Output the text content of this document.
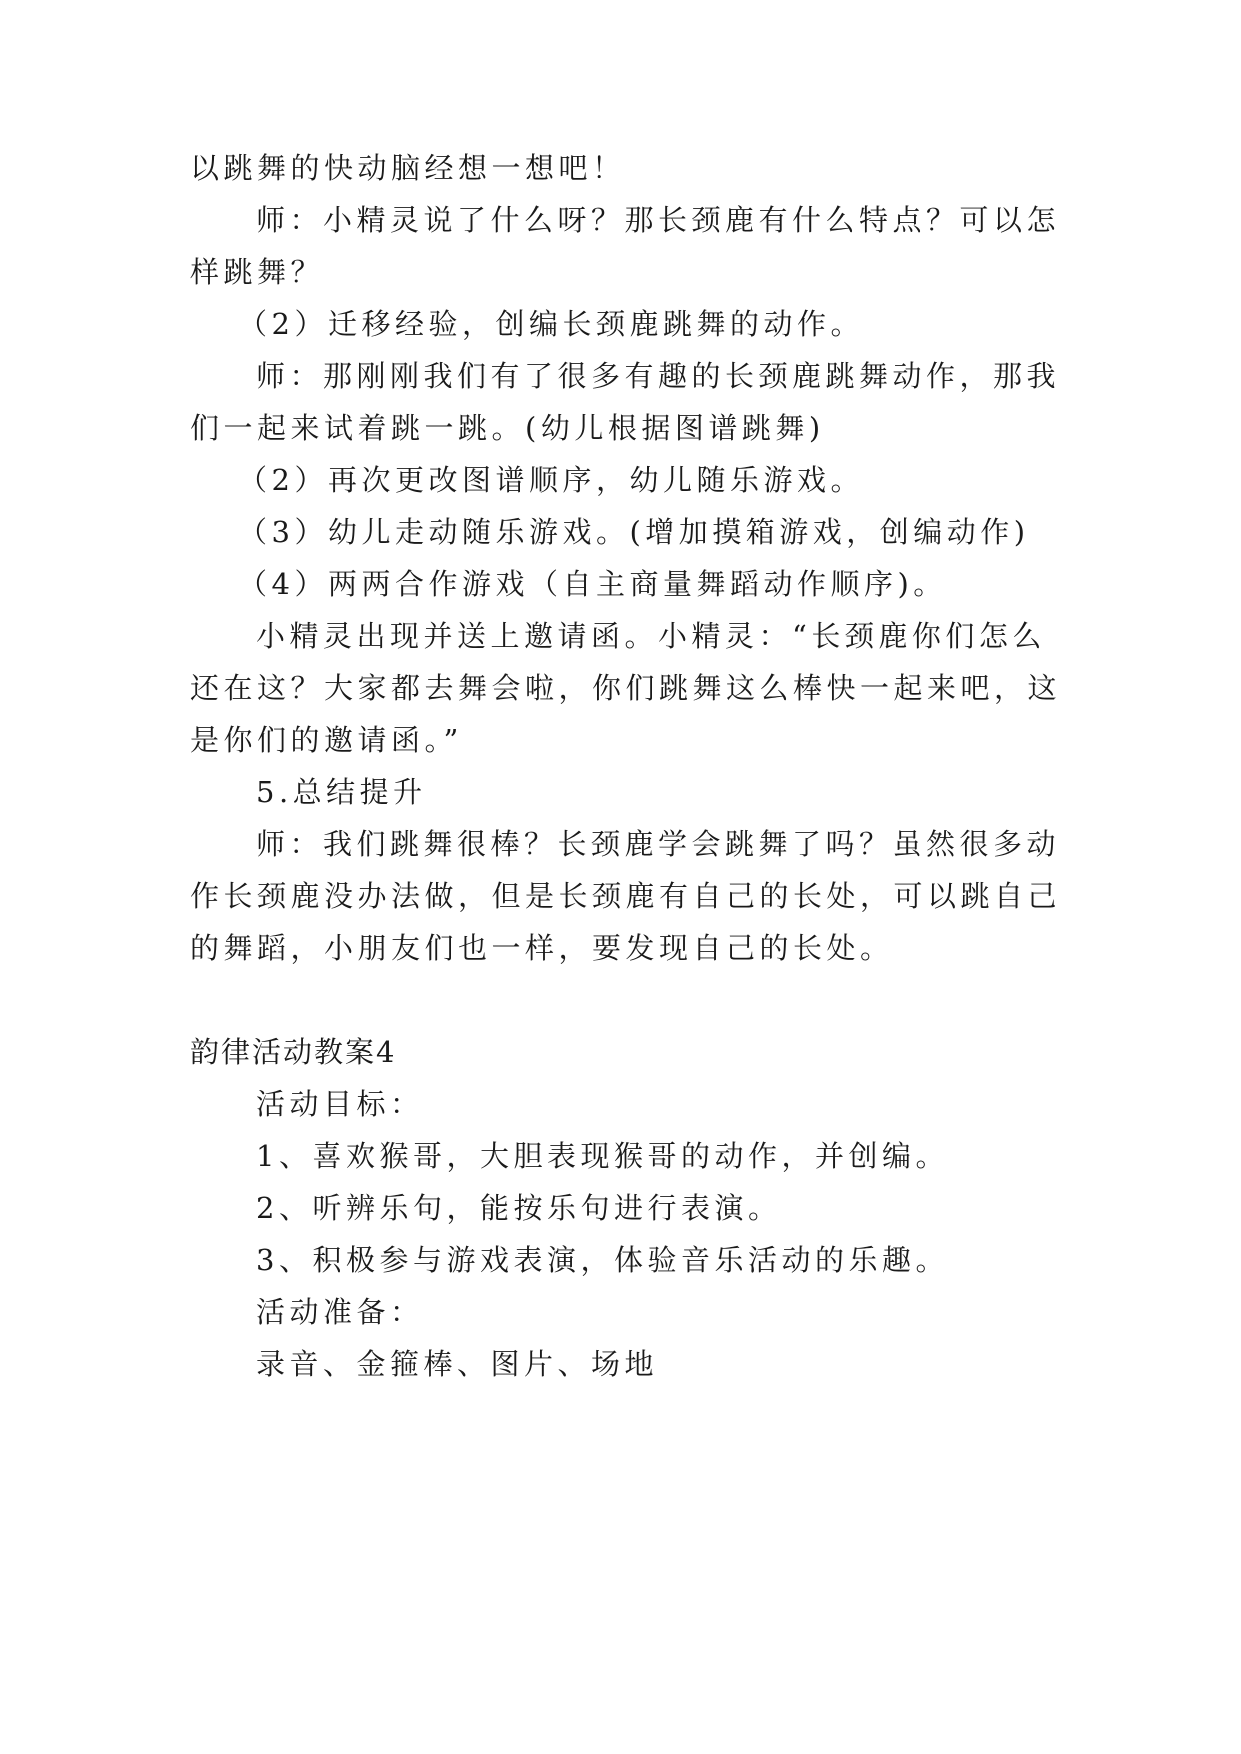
以跳舞的快动脑经想一想吧！
师：小精灵说了什么呀？那长颈鹿有什么特点？可以怎
样跳舞？
（2）迁移经验，创编长颈鹿跳舞的动作。
师：那刚刚我们有了很多有趣的长颈鹿跳舞动作，那我
们一起来试着跳一跳。(幼儿根据图谱跳舞)
（2）再次更改图谱顺序，幼儿随乐游戏。
（3）幼儿走动随乐游戏。(增加摸箱游戏，创编动作)
（4）两两合作游戏（自主商量舞蹈动作顺序)。
小精灵出现并送上邀请函。小精灵：“长颈鹿你们怎么
还在这？大家都去舞会啦，你们跳舞这么棒快一起来吧，这
是你们的邀请函。”
5.总结提升
师：我们跳舞很棒？长颈鹿学会跳舞了吗？虽然很多动
作长颈鹿没办法做，但是长颈鹿有自己的长处，可以跳自己
的舞蹈，小朋友们也一样，要发现自己的长处。
韵律活动教案4
活动目标：
1、喜欢猴哥，大胆表现猴哥的动作，并创编。
2、听辨乐句，能按乐句进行表演。
3、积极参与游戏表演，体验音乐活动的乐趣。
活动准备：
录音、金箍棒、图片、场地
